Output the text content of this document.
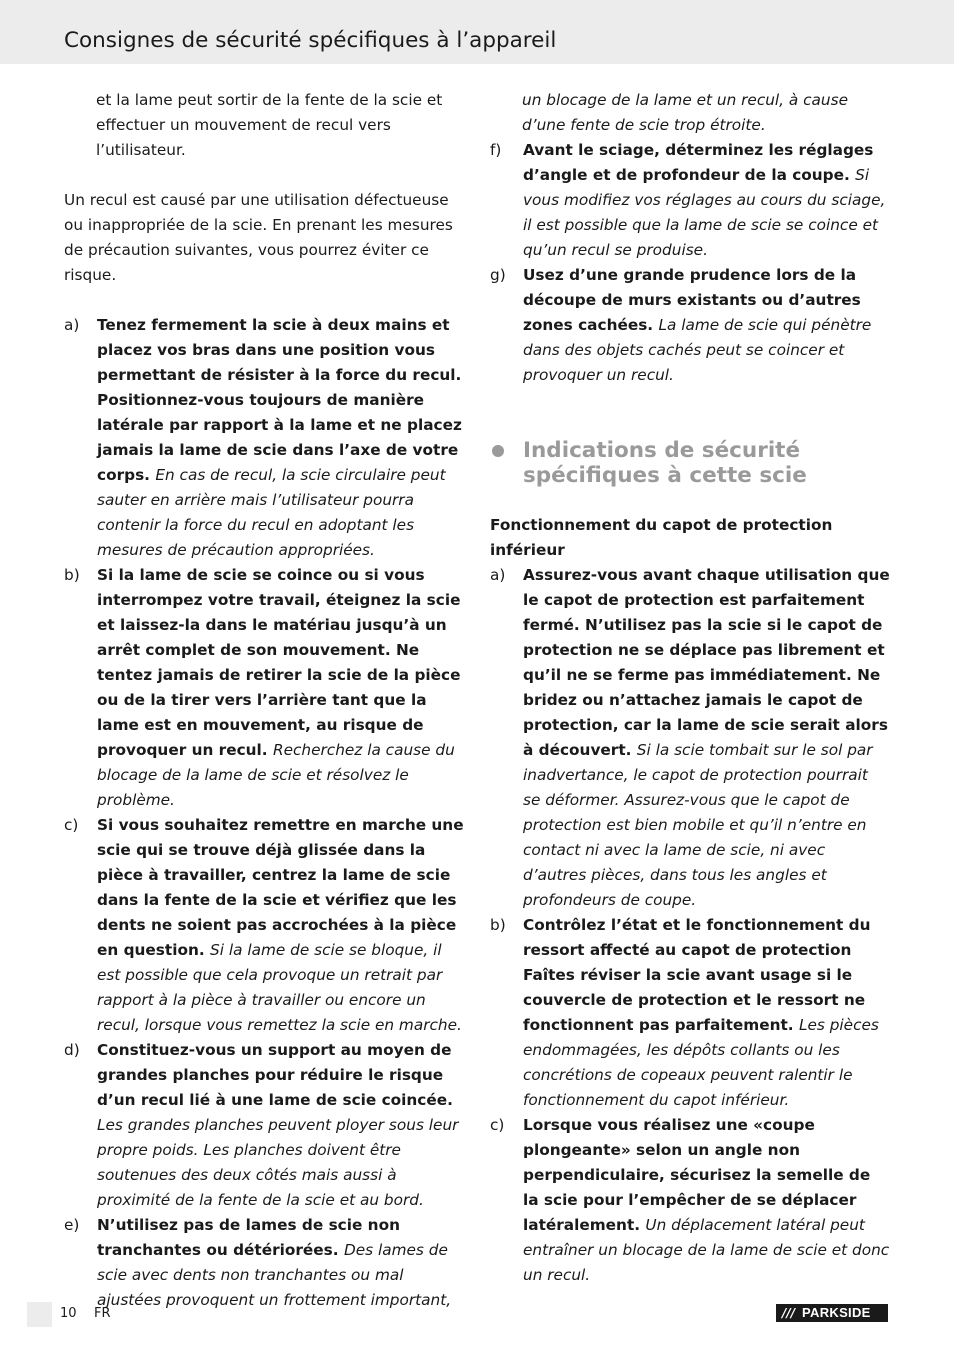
Consignes de sécurité spécifiques à l’appareil

et la lame peut sortir de la fente de la scie et effectuer un mouvement de recul vers l’utilisateur.

Un recul est causé par une utilisation défectueuse ou inappropriée de la scie. En prenant les mesures de précaution suivantes, vous pourrez éviter ce risque.

a) Tenez fermement la scie à deux mains et placez vos bras dans une position vous permettant de résister à la force du recul. Positionnez-vous toujours de manière latérale par rapport à la lame et ne placez jamais la lame de scie dans l’axe de votre corps. En cas de recul, la scie circulaire peut sauter en arrière mais l’utilisateur pourra contenir la force du recul en adoptant les mesures de précaution appropriées.
b) Si la lame de scie se coince ou si vous interrompez votre travail, éteignez la scie et laissez-la dans le matériau jusqu’à un arrêt complet de son mouvement. Ne tentez jamais de retirer la scie de la pièce ou de la tirer vers l’arrière tant que la lame est en mouvement, au risque de provoquer un recul. Recherchez la cause du blocage de la lame de scie et résolvez le problème.
c) Si vous souhaitez remettre en marche une scie qui se trouve déjà glissée dans la pièce à travailler, centrez la lame de scie dans la fente de la scie et vérifiez que les dents ne soient pas accrochées à la pièce en question. Si la lame de scie se bloque, il est possible que cela provoque un retrait par rapport à la pièce à travailler ou encore un recul, lorsque vous remettez la scie en marche.
d) Constituez-vous un support au moyen de grandes planches pour réduire le risque d’un recul lié à une lame de scie coincée. Les grandes planches peuvent ployer sous leur propre poids. Les planches doivent être soutenues des deux côtés mais aussi à proximité de la fente de la scie et au bord.
e) N’utilisez pas de lames de scie non tranchantes ou détériorées. Des lames de scie avec dents non tranchantes ou mal ajustées provoquent un frottement important,

un blocage de la lame et un recul, à cause d’une fente de scie trop étroite.

f) Avant le sciage, déterminez les réglages d’angle et de profondeur de la coupe. Si vous modifiez vos réglages au cours du sciage, il est possible que la lame de scie se coince et qu’un recul se produise.
g) Usez d’une grande prudence lors de la découpe de murs existants ou d’autres zones cachées. La lame de scie qui pénètre dans des objets cachés peut se coincer et provoquer un recul.
Indications de sécurité spécifiques à cette scie

Fonctionnement du capot de protection inférieur

a) Assurez-vous avant chaque utilisation que le capot de protection est parfaitement fermé. N’utilisez pas la scie si le capot de protection ne se déplace pas librement et qu’il ne se ferme pas immédiatement. Ne bridez ou n’attachez jamais le capot de protection, car la lame de scie serait alors à découvert. Si la scie tombait sur le sol par inadvertance, le capot de protection pourrait se déformer. Assurez-vous que le capot de protection est bien mobile et qu’il n’entre en contact ni avec la lame de scie, ni avec d’autres pièces, dans tous les angles et profondeurs de coupe.
b) Contrôlez l’état et le fonctionnement du ressort affecté au capot de protection Faîtes réviser la scie avant usage si le couvercle de protection et le ressort ne fonctionnent pas parfaitement. Les pièces endommagées, les dépôts collants ou les concrétions de copeaux peuvent ralentir le fonctionnement du capot inférieur.
c) Lorsque vous réalisez une «coupe plongeante» selon un angle non perpendiculaire, sécurisez la semelle de la scie pour l’empêcher de se déplacer latéralement. Un déplacement latéral peut entraîner un blocage de la lame de scie et donc un recul.
10 FR	/// PARKSIDE
